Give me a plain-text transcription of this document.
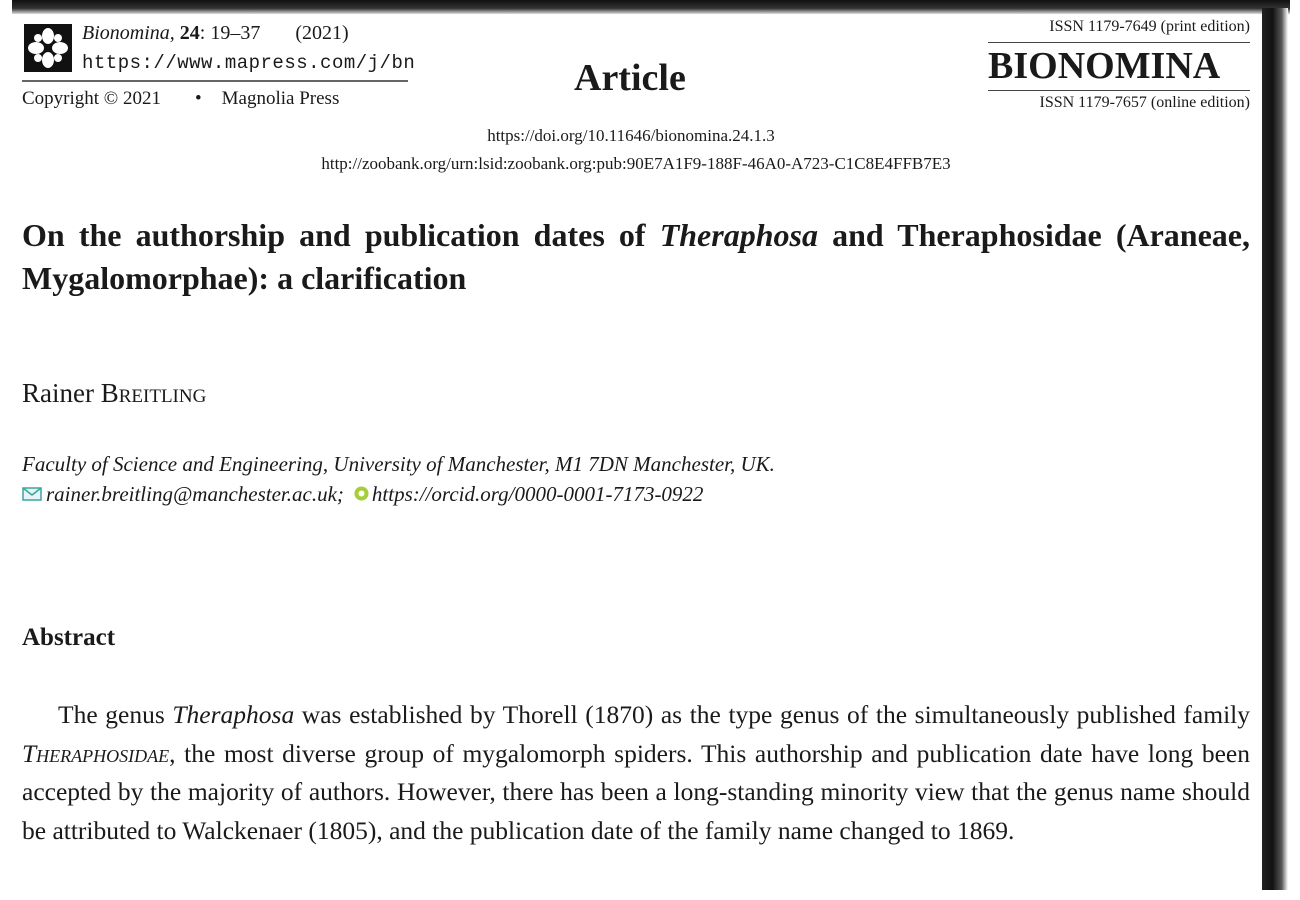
Bionomina, 24: 19–37 (2021)
https://www.mapress.com/j/bn
Copyright © 2021 • Magnolia Press	Article
ISSN 1179-7649 (print edition)
BIONOMINA
ISSN 1179-7657 (online edition)
https://doi.org/10.11646/bionomina.24.1.3
http://zoobank.org/urn:lsid:zoobank.org:pub:90E7A1F9-188F-46A0-A723-C1C8E4FFB7E3
On the authorship and publication dates of Theraphosa and Theraphosidae (Araneae, Mygalomorphae): a clarification
Rainer Breitling
Faculty of Science and Engineering, University of Manchester, M1 7DN Manchester, UK.
rainer.breitling@manchester.ac.uk; https://orcid.org/0000-0001-7173-0922
Abstract
The genus Theraphosa was established by Thorell (1870) as the type genus of the simultaneously published family Theraphosidae, the most diverse group of mygalomorph spiders. This authorship and publication date have long been accepted by the majority of authors. However, there has been a long-standing minority view that the genus name should be attributed to Walckenaer (1805), and the publication date of the family name changed to 1869.
